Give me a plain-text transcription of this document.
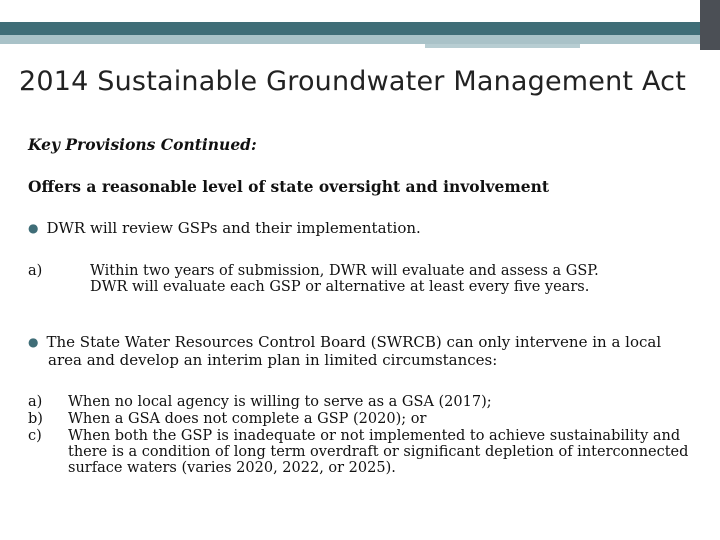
2014 Sustainable Groundwater Management Act
Key Provisions Continued:
Offers a reasonable level of state oversight and involvement
● DWR will review GSPs and their implementation.
a)	Within two years of submission, DWR will evaluate and assess a GSP. DWR will evaluate each GSP or alternative at least every five years.
● The State Water Resources Control Board (SWRCB) can only intervene in a local
area and develop an interim plan in limited circumstances:
a) When no local agency is willing to serve as a GSA (2017);
b) When a GSA does not complete a GSP (2020); or
c) When both the GSP is inadequate or not implemented to achieve sustainability and there is a condition of long term overdraft or significant depletion of interconnected surface waters (varies 2020, 2022, or 2025).
